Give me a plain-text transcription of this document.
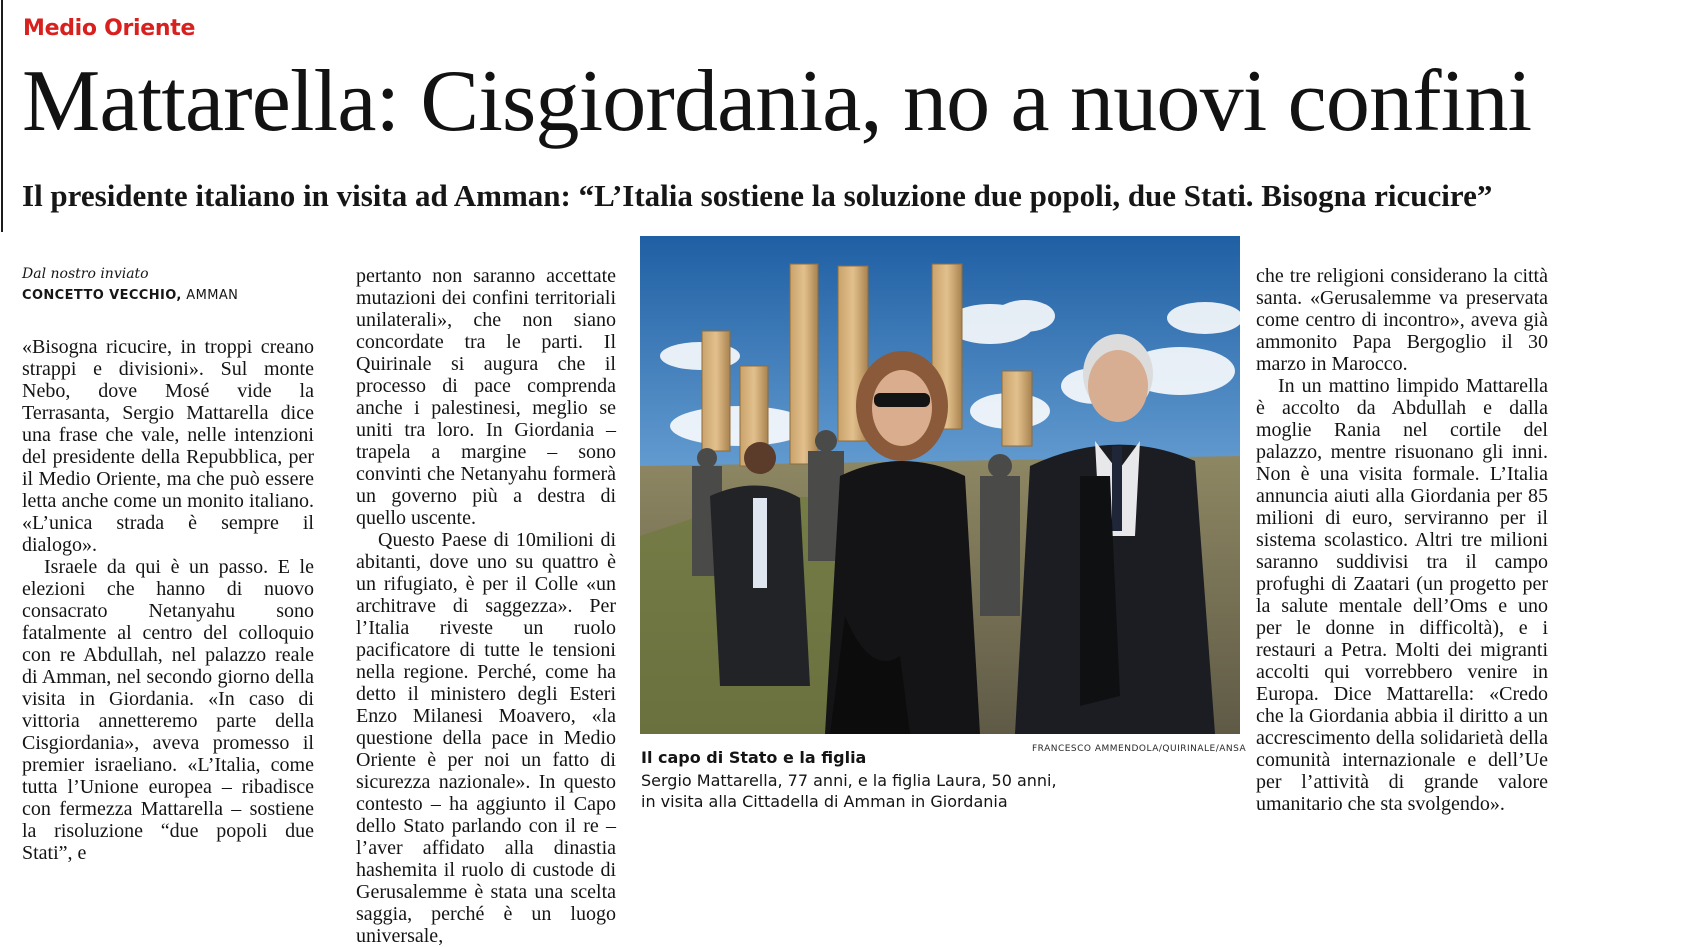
Medio Oriente
Mattarella: Cisgiordania, no a nuovi confini
Il presidente italiano in visita ad Amman: “L’Italia sostiene la soluzione due popoli, due Stati. Bisogna ricucire”
Dal nostro inviato
CONCETTO VECCHIO, AMMAN

«Bisogna ricucire, in troppi creano strappi e divisioni». Sul monte Nebo, dove Mosé vide la Terrasanta, Sergio Mattarella dice una frase che vale, nelle intenzioni del presidente della Repubblica, per il Medio Oriente, ma che può essere letta anche come un monito italiano. «L’unica strada è sempre il dialogo».

Israele da qui è un passo. E le elezioni che hanno di nuovo consacrato Netanyahu sono fatalmente al centro del colloquio con re Abdullah, nel palazzo reale di Amman, nel secondo giorno della visita in Giordania. «In caso di vittoria annetteremo parte della Cisgiordania», aveva promesso il premier israeliano. «L’Italia, come tutta l’Unione europea – ribadisce con fermezza Mattarella – sostiene la risoluzione “due popoli due Stati”, e

pertanto non saranno accettate mutazioni dei confini territoriali unilaterali», che non siano concordate tra le parti. Il Quirinale si augura che il processo di pace comprenda anche i palestinesi, meglio se uniti tra loro. In Giordania – trapela a margine – sono convinti che Netanyahu formerà un governo più a destra di quello uscente.

Questo Paese di 10milioni di abitanti, dove uno su quattro è un rifugiato, è per il Colle «un architrave di saggezza». Per l’Italia riveste un ruolo pacificatore di tutte le tensioni nella regione. Perché, come ha detto il ministero degli Esteri Enzo Milanesi Moavero, «la questione della pace in Medio Oriente è per noi un fatto di sicurezza nazionale». In questo contesto – ha aggiunto il Capo dello Stato parlando con il re – l’aver affidato alla dinastia hashemita il ruolo di custode di Gerusalemme è stata una scelta saggia, perché è un luogo universale,

FRANCESCO AMMENDOLA/QUIRINALE/ANSA
Il capo di Stato e la figlia
Sergio Mattarella, 77 anni, e la figlia Laura, 50 anni,
in visita alla Cittadella di Amman in Giordania

che tre religioni considerano la città santa. «Gerusalemme va preservata come centro di incontro», aveva già ammonito Papa Bergoglio il 30 marzo in Marocco.

In un mattino limpido Mattarella è accolto da Abdullah e dalla moglie Rania nel cortile del palazzo, mentre risuonano gli inni. Non è una visita formale. L’Italia annuncia aiuti alla Giordania per 85 milioni di euro, serviranno per il sistema scolastico. Altri tre milioni saranno suddivisi tra il campo profughi di Zaatari (un progetto per la salute mentale dell’Oms e uno per le donne in difficoltà), e i restauri a Petra. Molti dei migranti accolti qui vorrebbero venire in Europa. Dice Mattarella: «Credo che la Giordania abbia il diritto a un accrescimento della solidarietà della comunità internazionale e dell’Ue per l’attività di grande valore umanitario che sta svolgendo».
